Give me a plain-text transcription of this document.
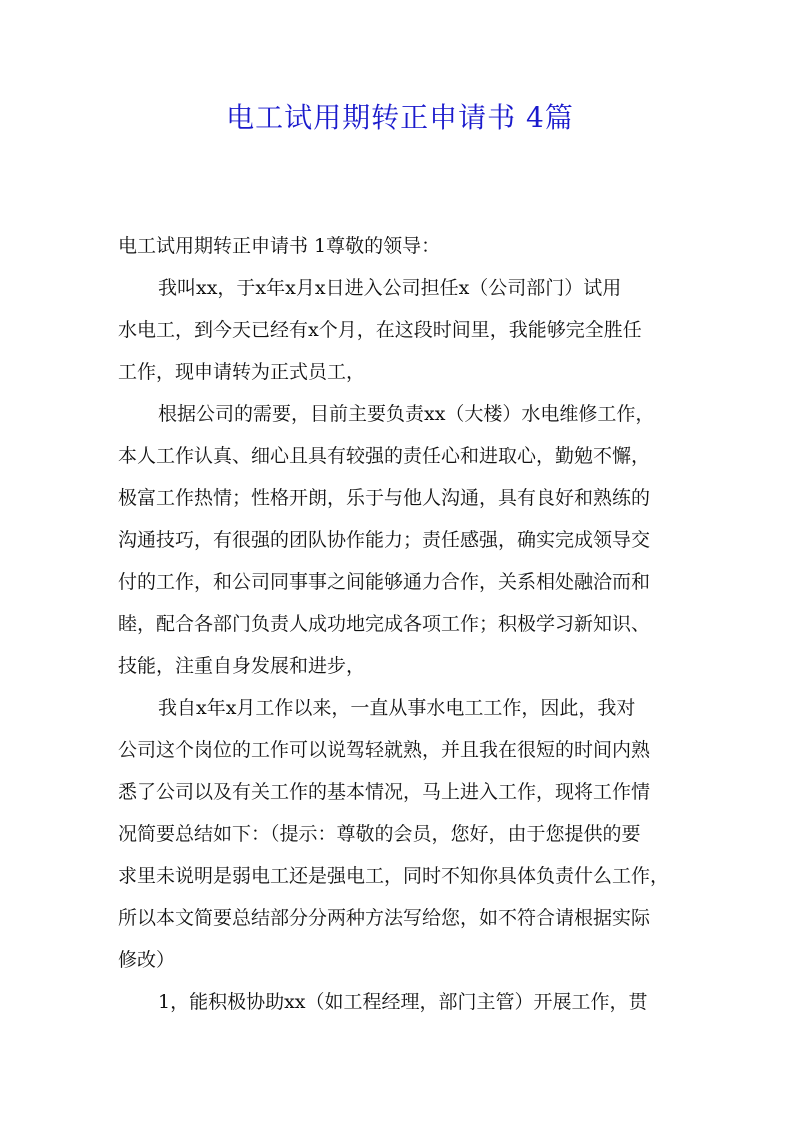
电工试用期转正申请书 4篇
电工试用期转正申请书 1尊敬的领导：
我叫xx，于x年x月x日进入公司担任x（公司部门）试用
水电工，到今天已经有x个月，在这段时间里，我能够完全胜任
工作，现申请转为正式员工，
根据公司的需要，目前主要负责xx（大楼）水电维修工作，
本人工作认真、细心且具有较强的责任心和进取心，勤勉不懈，
极富工作热情；性格开朗，乐于与他人沟通，具有良好和熟练的
沟通技巧，有很强的团队协作能力；责任感强，确实完成领导交
付的工作，和公司同事事之间能够通力合作，关系相处融洽而和
睦，配合各部门负责人成功地完成各项工作；积极学习新知识、
技能，注重自身发展和进步，
我自x年x月工作以来，一直从事水电工工作，因此，我对
公司这个岗位的工作可以说驾轻就熟，并且我在很短的时间内熟
悉了公司以及有关工作的基本情况，马上进入工作，现将工作情
况简要总结如下：（提示：尊敬的会员，您好，由于您提供的要
求里未说明是弱电工还是强电工，同时不知你具体负责什么工作，
所以本文简要总结部分分两种方法写给您，如不符合请根据实际
修改）
1，能积极协助xx（如工程经理，部门主管）开展工作，贯
